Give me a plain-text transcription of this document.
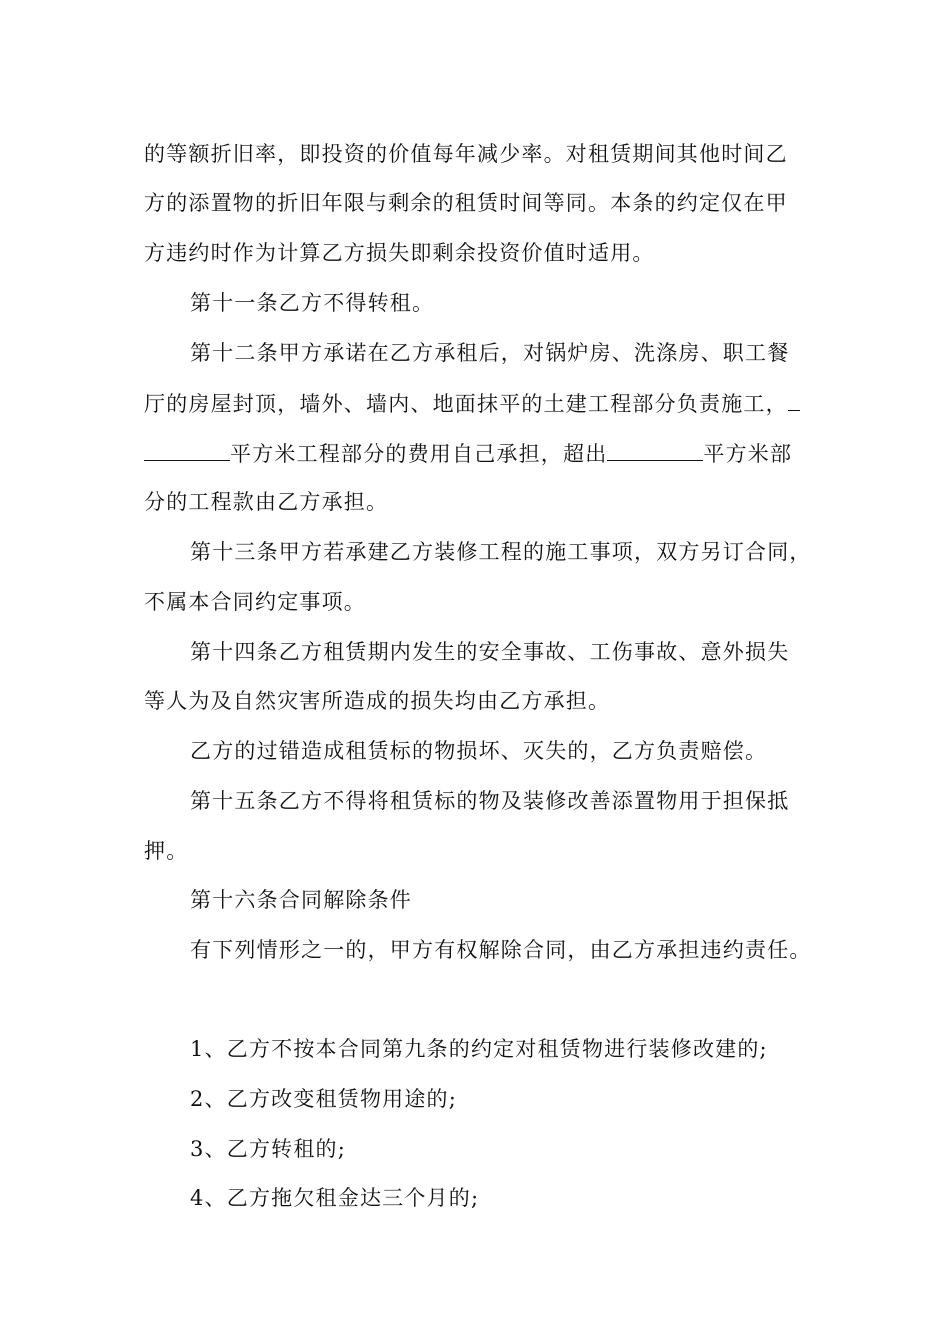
的等额折旧率，即投资的价值每年减少率。对租赁期间其他时间乙
方的添置物的折旧年限与剩余的租赁时间等同。本条的约定仅在甲
方违约时作为计算乙方损失即剩余投资价值时适用。
第十一条乙方不得转租。
第十二条甲方承诺在乙方承租后，对锅炉房、洗涤房、职工餐
厅的房屋封顶，墙外、墙内、地面抹平的土建工程部分负责施工，
平方米工程部分的费用自己承担，超出	平方米部
分的工程款由乙方承担。
第十三条甲方若承建乙方装修工程的施工事项，双方另订合同，
不属本合同约定事项。
第十四条乙方租赁期内发生的安全事故、工伤事故、意外损失
等人为及自然灾害所造成的损失均由乙方承担。
乙方的过错造成租赁标的物损坏、灭失的，乙方负责赔偿。
第十五条乙方不得将租赁标的物及装修改善添置物用于担保抵
押。
第十六条合同解除条件
有下列情形之一的，甲方有权解除合同，由乙方承担违约责任。
1、乙方不按本合同第九条的约定对租赁物进行装修改建的;
2、乙方改变租赁物用途的;
3、乙方转租的;
4、乙方拖欠租金达三个月的;
